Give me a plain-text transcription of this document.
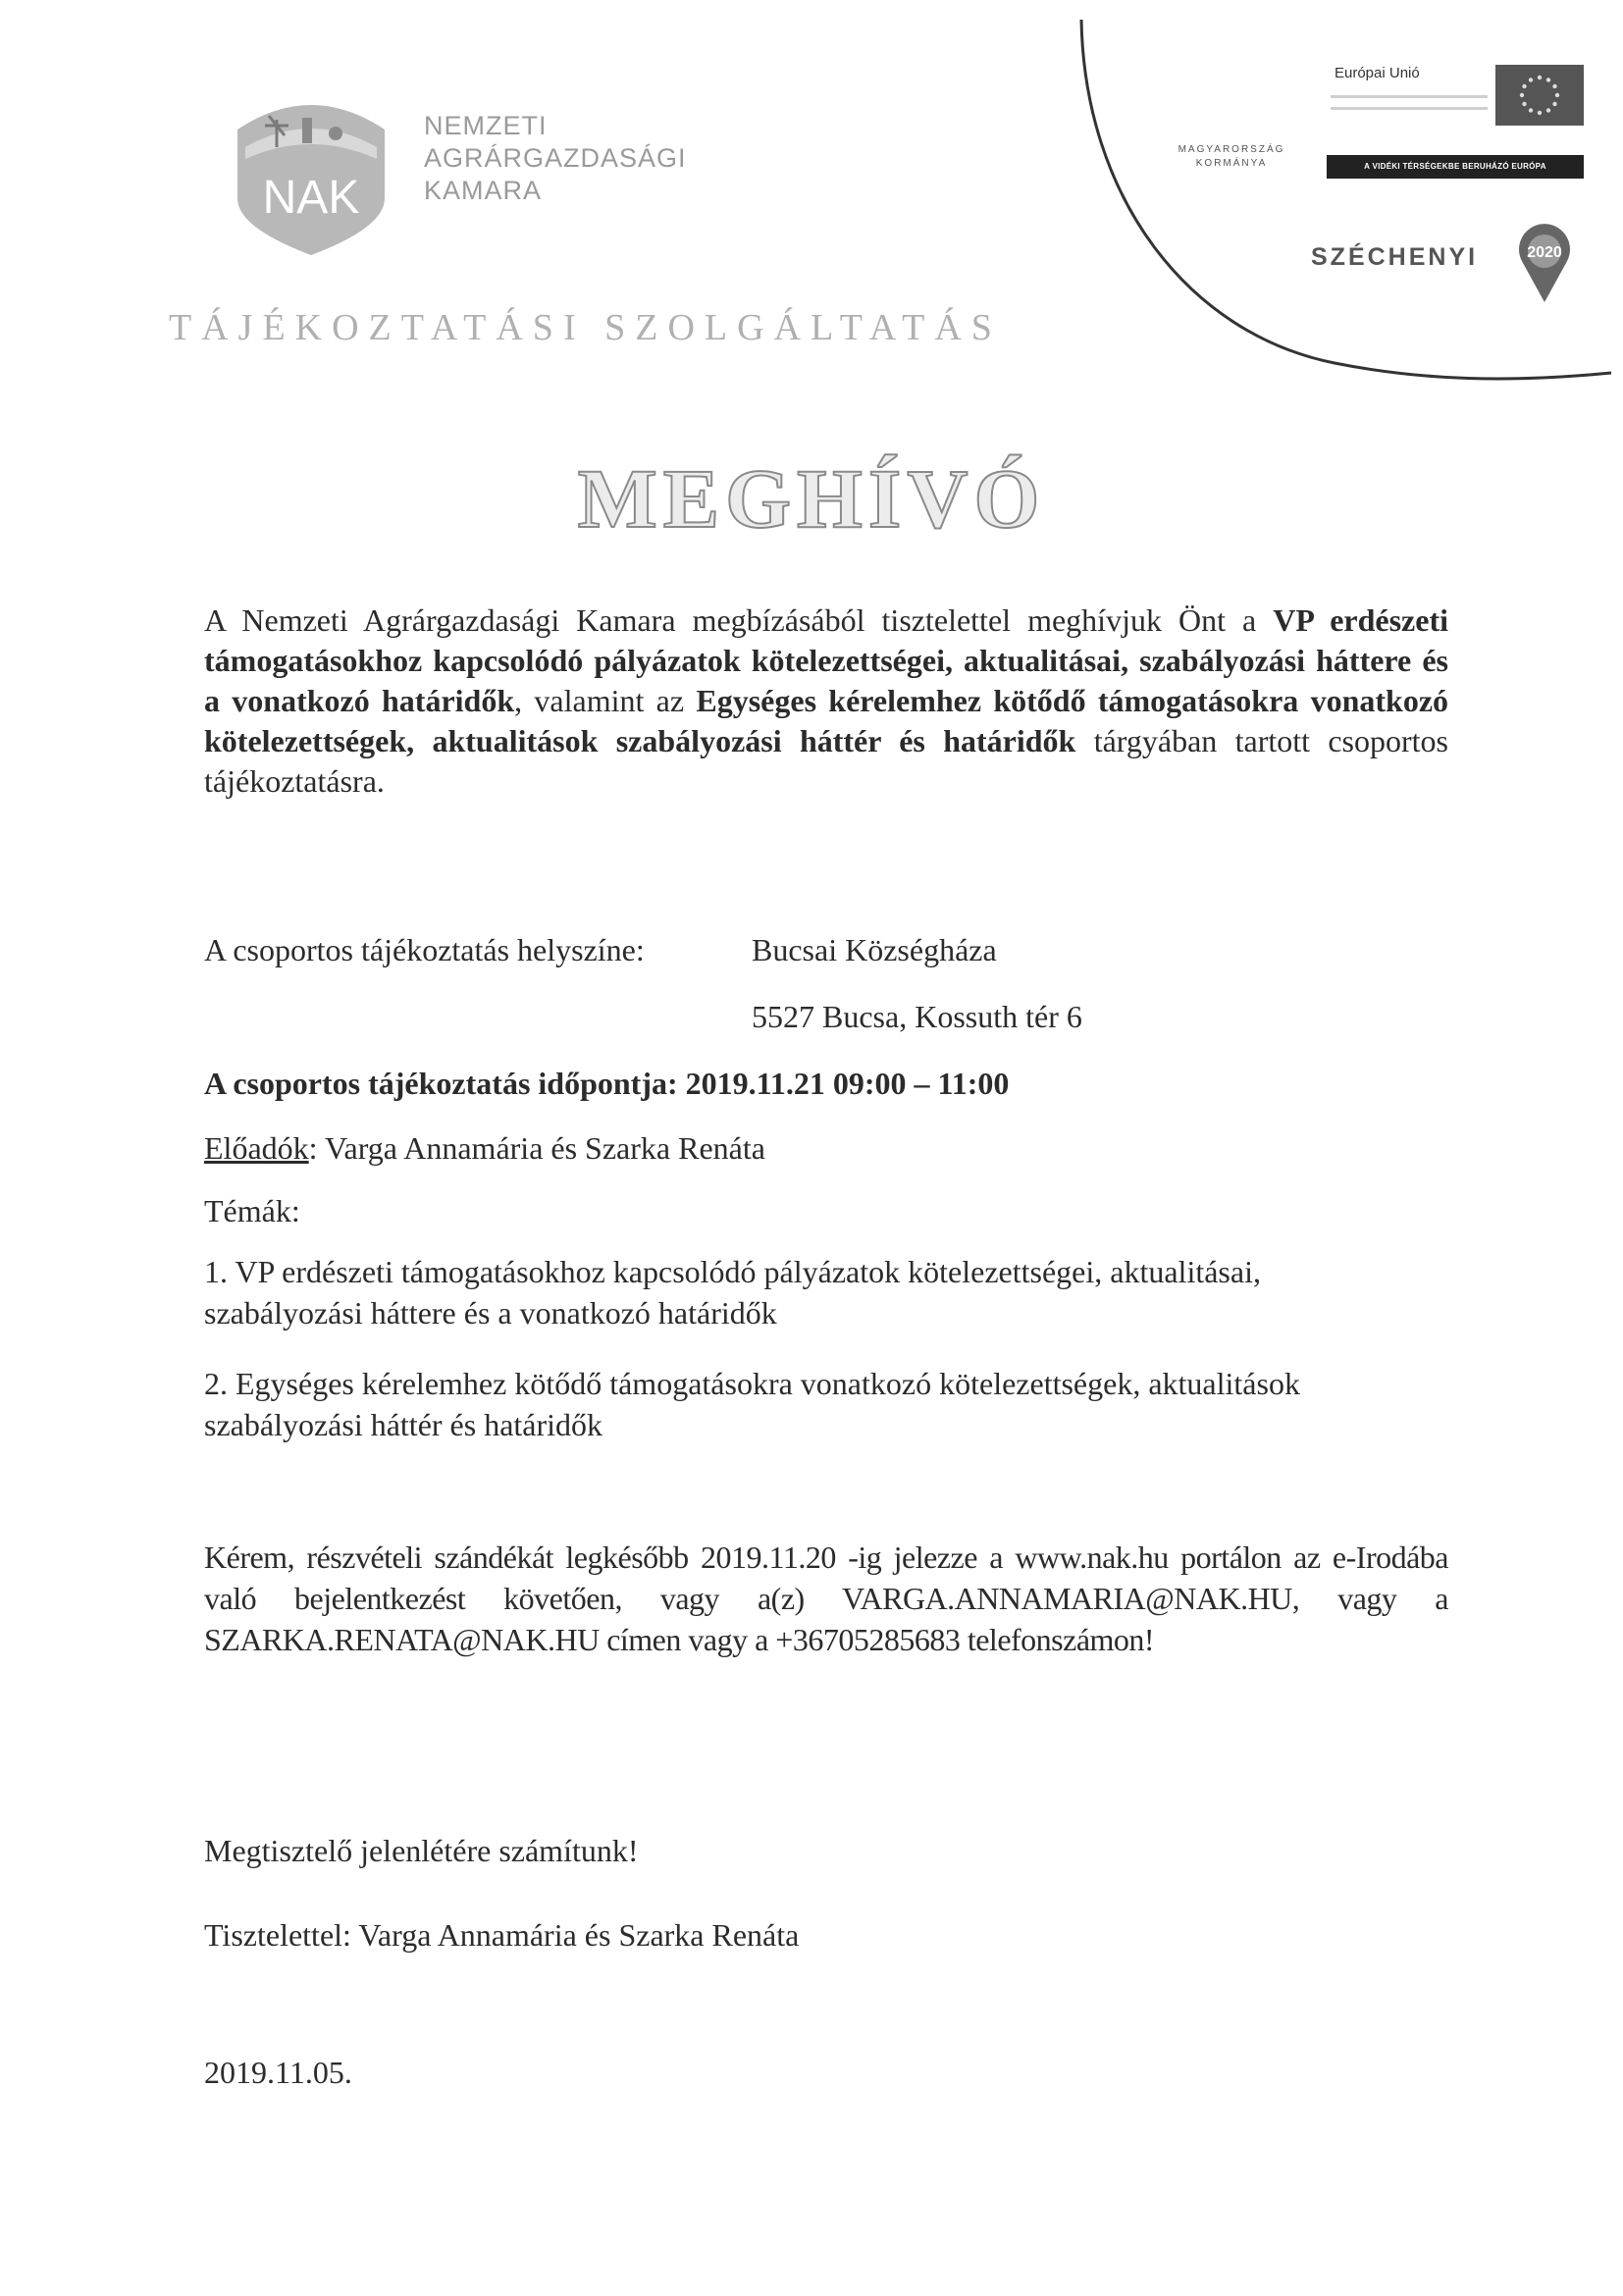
NAK
NEMZETI
AGRÁRGAZDASÁGI
KAMARA
TÁJÉKOZTATÁSI SZOLGÁLTATÁS
MAGYARORSZÁG KORMÁNYA
Európai Unió
A VIDÉKI TÉRSÉGEKBE BERUHÁZÓ EURÓPA
SZÉCHENYI	2020
MEGHÍVÓ
A Nemzeti Agrárgazdasági Kamara megbízásából tisztelettel meghívjuk Önt a VP erdészeti támogatásokhoz kapcsolódó pályázatok kötelezettségei, aktualitásai, szabályozási háttere és a vonatkozó határidők, valamint az Egységes kérelemhez kötődő támogatásokra vonatkozó kötelezettségek, aktualitások szabályozási háttér és határidők tárgyában tartott csoportos tájékoztatásra.
A csoportos tájékoztatás helyszíne:	Bucsai Községháza
5527 Bucsa, Kossuth tér 6
A csoportos tájékoztatás időpontja: 2019.11.21 09:00 – 11:00
Előadók: Varga Annamária és Szarka Renáta
Témák:
1. VP erdészeti támogatásokhoz kapcsolódó pályázatok kötelezettségei, aktualitásai,
szabályozási háttere és a vonatkozó határidők
2. Egységes kérelemhez kötődő támogatásokra vonatkozó kötelezettségek, aktualitások
szabályozási háttér és határidők
Kérem, részvételi szándékát legkésőbb 2019.11.20 -ig jelezze a www.nak.hu portálon az e-Irodába való bejelentkezést követően, vagy a(z) VARGA.ANNAMARIA@NAK.HU, vagy a SZARKA.RENATA@NAK.HU címen vagy a +36705285683 telefonszámon!
Megtisztelő jelenlétére számítunk!
Tisztelettel: Varga Annamária és Szarka Renáta
2019.11.05.
